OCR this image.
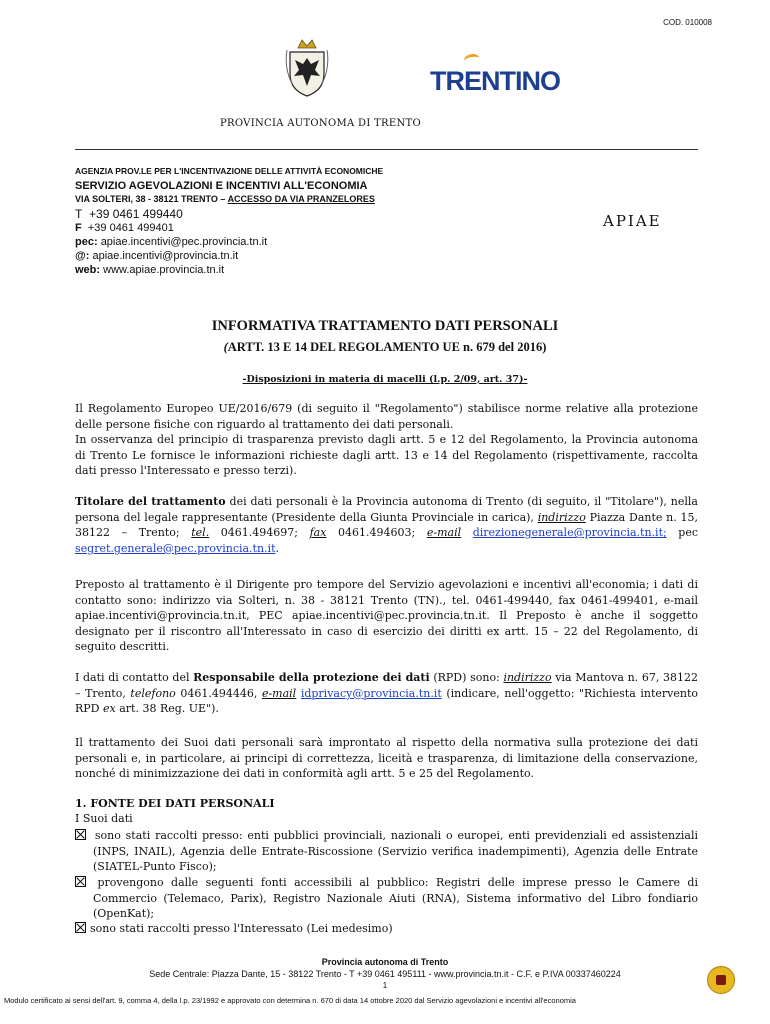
COD. 010008
PROVINCIA AUTONOMA DI TRENTO
TRENTINO
AGENZIA PROV.LE PER L'INCENTIVAZIONE DELLE ATTIVITÀ ECONOMICHE
SERVIZIO AGEVOLAZIONI E INCENTIVI ALL'ECONOMIA
VIA SOLTERI, 38 - 38121 TRENTO – ACCESSO DA VIA PRANZELORES
T +39 0461 499440
F +39 0461 499401
pec: apiae.incentivi@pec.provincia.tn.it
@: apiae.incentivi@provincia.tn.it
web: www.apiae.provincia.tn.it
APIAE
INFORMATIVA TRATTAMENTO DATI PERSONALI
(ARTT. 13 E 14 DEL REGOLAMENTO UE n. 679 del 2016)
-Disposizioni in materia di macelli (l.p. 2/09, art. 37)-
Il Regolamento Europeo UE/2016/679 (di seguito il "Regolamento") stabilisce norme relative alla protezione delle persone fisiche con riguardo al trattamento dei dati personali.
In osservanza del principio di trasparenza previsto dagli artt. 5 e 12 del Regolamento, la Provincia autonoma di Trento Le fornisce le informazioni richieste dagli artt. 13 e 14 del Regolamento (rispettivamente, raccolta dati presso l'Interessato e presso terzi).
Titolare del trattamento dei dati personali è la Provincia autonoma di Trento (di seguito, il "Titolare"), nella persona del legale rappresentante (Presidente della Giunta Provinciale in carica), indirizzo Piazza Dante n. 15, 38122 – Trento; tel. 0461.494697; fax 0461.494603; e-mail direzionegenerale@provincia.tn.it; pec segret.generale@pec.provincia.tn.it.
Preposto al trattamento è il Dirigente pro tempore del Servizio agevolazioni e incentivi all'economia; i dati di contatto sono: indirizzo via Solteri, n. 38 - 38121 Trento (TN)., tel. 0461-499440, fax 0461-499401, e-mail apiae.incentivi@provincia.tn.it, PEC apiae.incentivi@pec.provincia.tn.it. Il Preposto è anche il soggetto designato per il riscontro all'Interessato in caso di esercizio dei diritti ex artt. 15 – 22 del Regolamento, di seguito descritti.
I dati di contatto del Responsabile della protezione dei dati (RPD) sono: indirizzo via Mantova n. 67, 38122 – Trento, telefono 0461.494446, e-mail idprivacy@provincia.tn.it (indicare, nell'oggetto: "Richiesta intervento RPD ex art. 38 Reg. UE").
Il trattamento dei Suoi dati personali sarà improntato al rispetto della normativa sulla protezione dei dati personali e, in particolare, ai principi di correttezza, liceità e trasparenza, di limitazione della conservazione, nonché di minimizzazione dei dati in conformità agli artt. 5 e 25 del Regolamento.
1. FONTE DEI DATI PERSONALI
I Suoi dati
sono stati raccolti presso: enti pubblici provinciali, nazionali o europei, enti previdenziali ed assistenziali (INPS, INAIL), Agenzia delle Entrate-Riscossione (Servizio verifica inadempimenti), Agenzia delle Entrate (SIATEL-Punto Fisco);
provengono dalle seguenti fonti accessibili al pubblico: Registri delle imprese presso le Camere di Commercio (Telemaco, Parix), Registro Nazionale Aiuti (RNA), Sistema informativo del Libro fondiario (OpenKat);
sono stati raccolti presso l'Interessato (Lei medesimo)
Provincia autonoma di Trento
Sede Centrale: Piazza Dante, 15 - 38122 Trento - T +39 0461 495111 - www.provincia.tn.it - C.F. e P.IVA 00337460224
1
Modulo certificato ai sensi dell'art. 9, comma 4, della l.p. 23/1992 e approvato con determina n. 670 di data 14 ottobre 2020 dal Servizio agevolazioni e incentivi all'economia
